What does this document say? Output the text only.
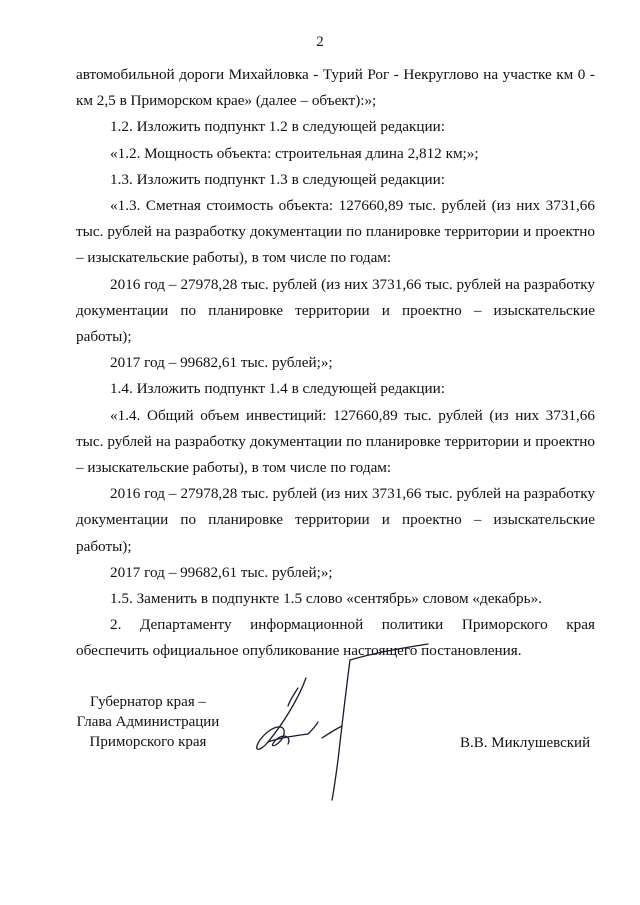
2

автомобильной дороги Михайловка - Турий Рог - Некруглово на участке км 0 - км 2,5 в Приморском крае» (далее – объект):»;

1.2. Изложить подпункт 1.2 в следующей редакции:

«1.2. Мощность объекта: строительная длина 2,812 км;»;

1.3. Изложить подпункт 1.3 в следующей редакции:

«1.3. Сметная стоимость объекта: 127660,89 тыс. рублей (из них 3731,66 тыс. рублей на разработку документации по планировке территории и проектно – изыскательские работы), в том числе по годам:

2016 год – 27978,28 тыс. рублей (из них 3731,66 тыс. рублей на разработку документации по планировке территории и проектно – изыскательские работы);

2017 год – 99682,61 тыс. рублей;»;

1.4. Изложить подпункт 1.4 в следующей редакции:

«1.4. Общий объем инвестиций: 127660,89 тыс. рублей (из них 3731,66 тыс. рублей на разработку документации по планировке территории и проектно – изыскательские работы), в том числе по годам:

2016 год – 27978,28 тыс. рублей (из них 3731,66 тыс. рублей на разработку документации по планировке территории и проектно – изыскательские работы);

2017 год – 99682,61 тыс. рублей;»;

1.5. Заменить в подпункте 1.5 слово «сентябрь» словом «декабрь».

2. Департаменту информационной политики Приморского края обеспечить официальное опубликование настоящего постановления.

Губернатор края –
Глава Администрации
Приморского края	В.В. Миклушевский
